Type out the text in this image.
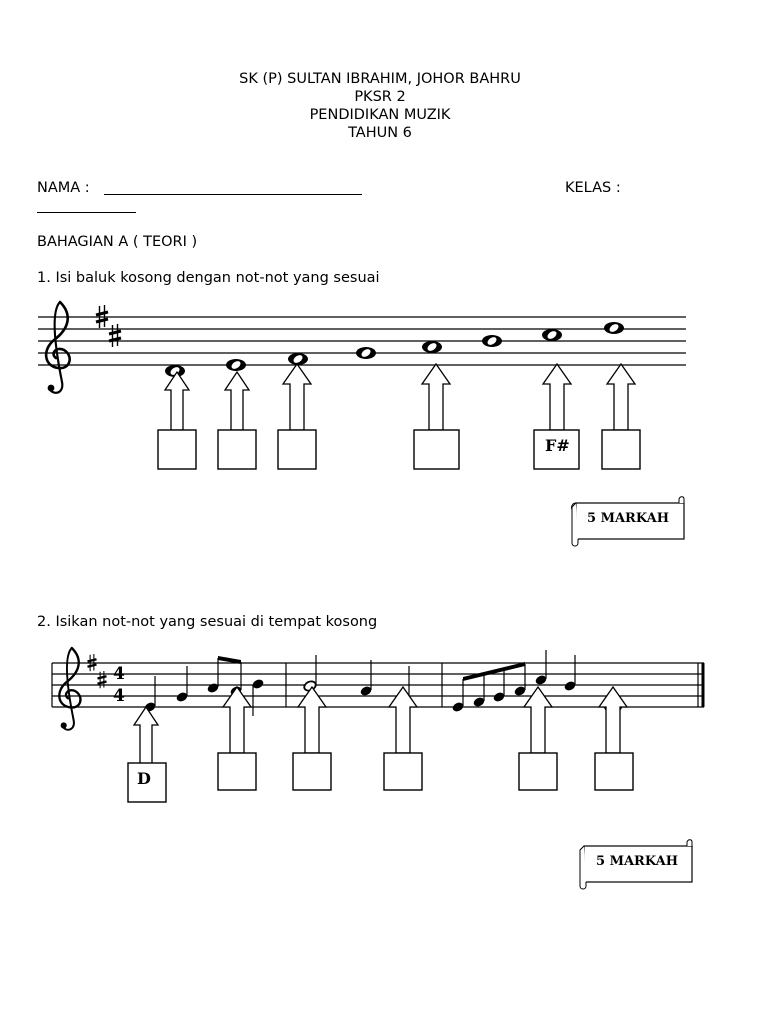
SK (P) SULTAN IBRAHIM, JOHOR BAHRU
PKSR 2
PENDIDIKAN MUZIK
TAHUN 6
NAMA :	KELAS :
BAHAGIAN A ( TEORI )
1. Isi baluk kosong dengan not-not yang sesuai
F#
5 MARKAH
4
4
D
5 MARKAH
2. Isikan not-not yang sesuai di tempat kosong
